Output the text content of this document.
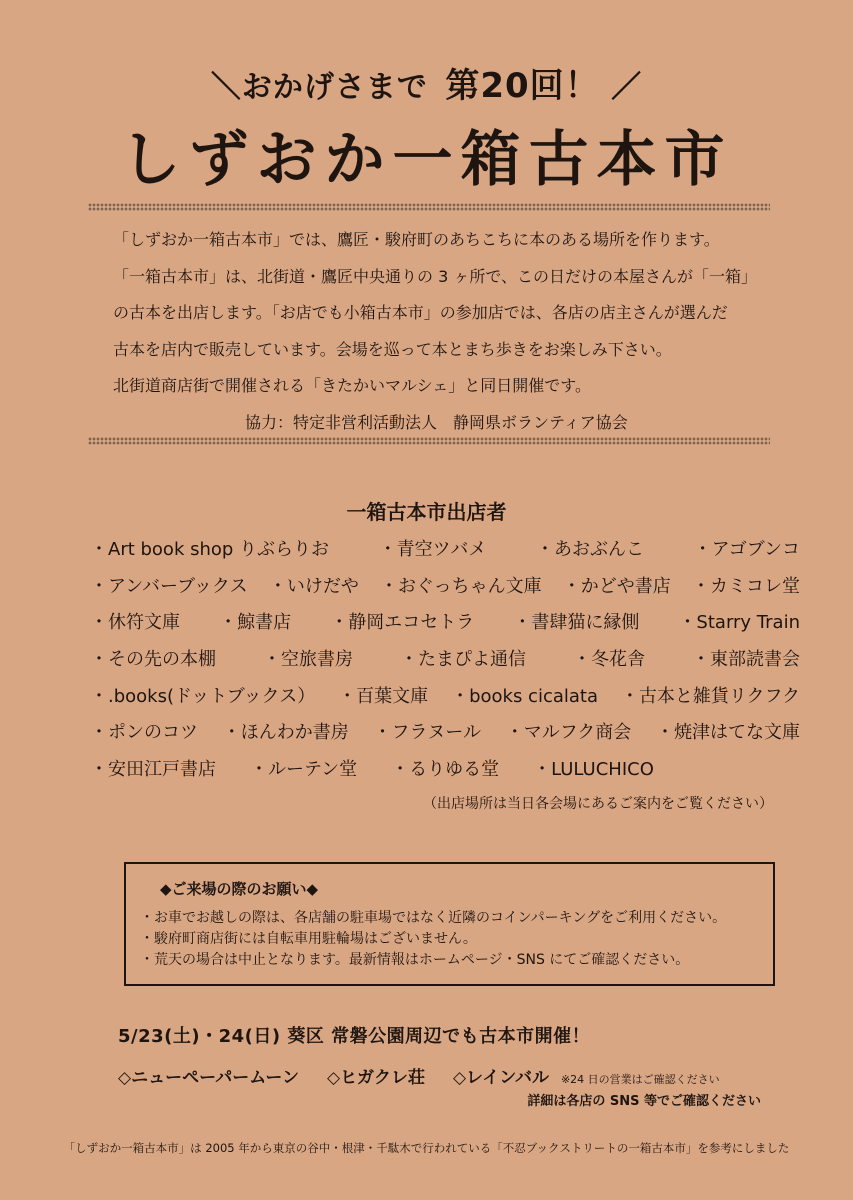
＼おかげさまで 第20回！ ／
しずおか一箱古本市

「しずおか一箱古本市」では、鷹匠・駿府町のあちこちに本のある場所を作ります。

「一箱古本市」は、北街道・鷹匠中央通りの 3 ヶ所で、この日だけの本屋さんが「一箱」

の古本を出店します。「お店でも小箱古本市」の参加店では、各店の店主さんが選んだ

古本を店内で販売しています。会場を巡って本とまち歩きをお楽しみ下さい。

北街道商店街で開催される「きたかいマルシェ」と同日開催です。

協力：特定非営利活動法人　静岡県ボランティア協会

一箱古本市出店者
・Art book shop りぶらりお	・青空ツバメ	・あおぶんこ	・アゴブンコ
・アンバーブックス ・いけだや ・おぐっちゃん文庫 ・かどや書店 ・カミコレ堂
・休符文庫 ・鯨書店 ・静岡エコセトラ ・書肆猫に縁側 ・Starry Train
・その先の本棚	・空旅書房	・たまぴよ通信	・冬花舎	・東部読書会
・.books(ドットブックス） ・百葉文庫 ・books cicalata ・古本と雑貨リクフク
・ポンのコツ ・ほんわか書房 ・フラヌール ・マルフク商会 ・焼津はてな文庫
・安田江戸書店 ・ルーテン堂 ・るりゆる堂 ・LULUCHICO
（出店場所は当日各会場にあるご案内をご覧ください）
◆ご来場の際のお願い◆
・お車でお越しの際は、各店舗の駐車場ではなく近隣のコインパーキングをご利用ください。
・駿府町商店街には自転車用駐輪場はございません。
・荒天の場合は中止となります。最新情報はホームページ・SNS にてご確認ください。
5/23(土)・24(日) 葵区 常磐公園周辺でも古本市開催！
◇ニューペーパームーン ◇ヒガクレ荘 ◇レインバル ※24 日の営業はご確認ください
詳細は各店の SNS 等でご確認ください
「しずおか一箱古本市」は 2005 年から東京の谷中・根津・千駄木で行われている「不忍ブックストリートの一箱古本市」を参考にしました
